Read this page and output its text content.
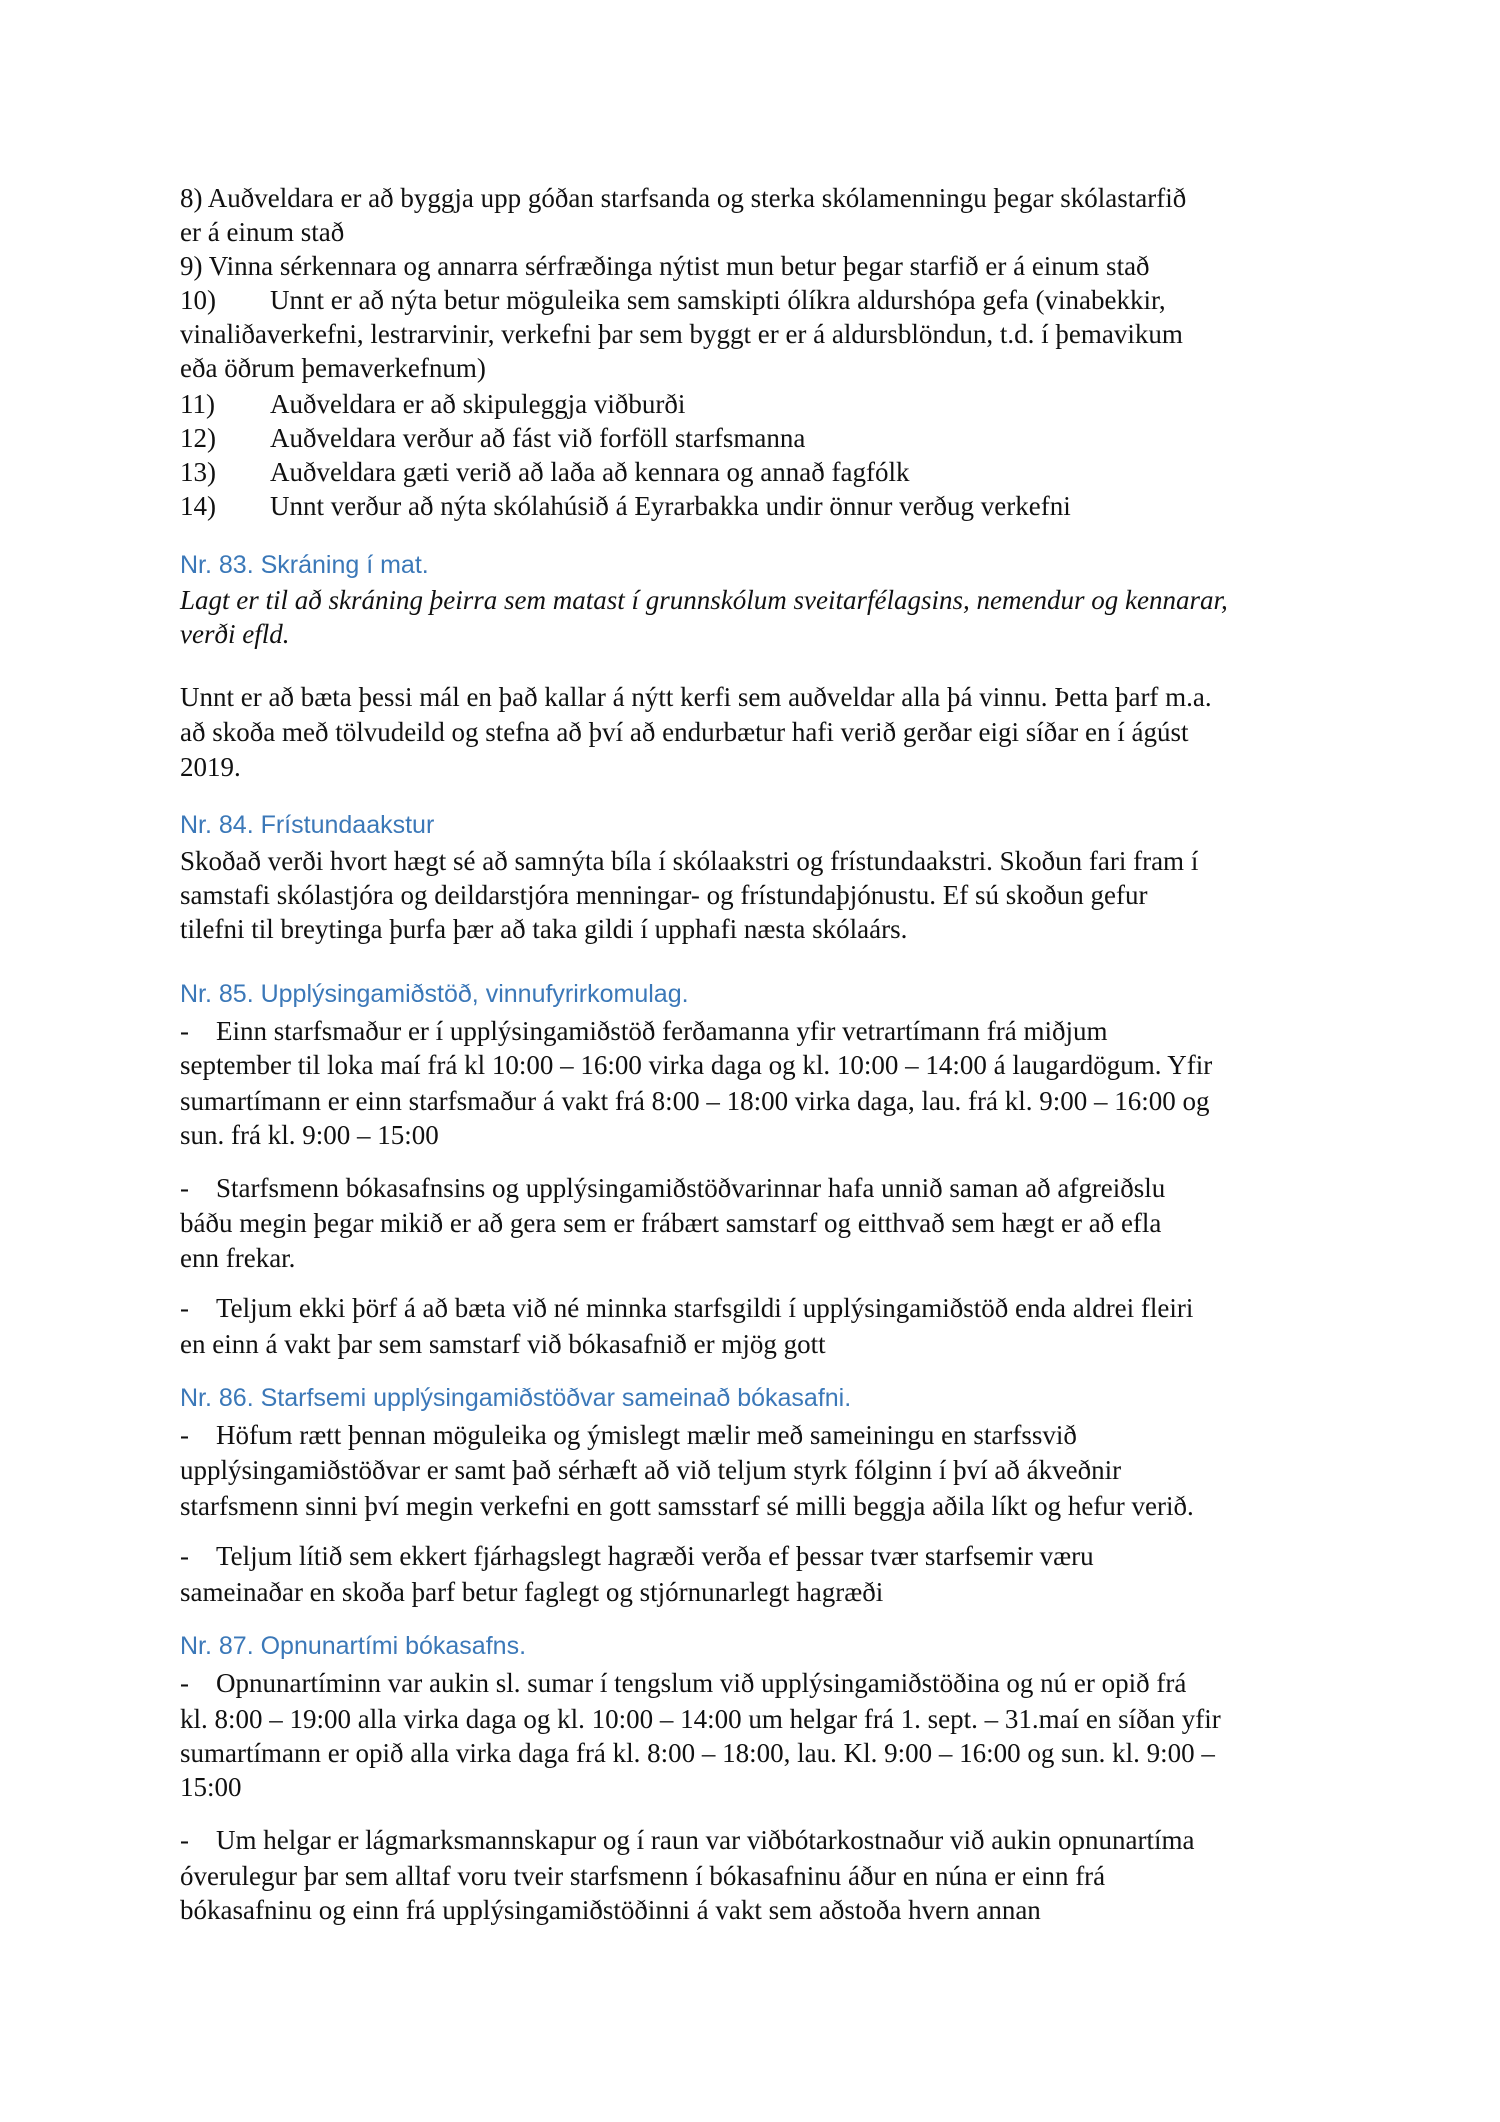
8) Auðveldara er að byggja upp góðan starfsanda og sterka skólamenningu þegar skólastarfið
er á einum stað
9) Vinna sérkennara og annarra sérfræðinga nýtist mun betur þegar starfið er á einum stað
10) Unnt er að nýta betur möguleika sem samskipti ólíkra aldurshópa gefa (vinabekkir,
vinaliðaverkefni, lestrarvinir, verkefni þar sem byggt er er á aldursblöndun, t.d. í þemavikum
eða öðrum þemaverkefnum)
11) Auðveldara er að skipuleggja viðburði
12) Auðveldara verður að fást við forföll starfsmanna
13) Auðveldara gæti verið að laða að kennara og annað fagfólk
14) Unnt verður að nýta skólahúsið á Eyrarbakka undir önnur verðug verkefni
Nr. 83. Skráning í mat.
Lagt er til að skráning þeirra sem matast í grunnskólum sveitarfélagsins, nemendur og kennarar,
verði efld.
Unnt er að bæta þessi mál en það kallar á nýtt kerfi sem auðveldar alla þá vinnu. Þetta þarf m.a.
að skoða með tölvudeild og stefna að því að endurbætur hafi verið gerðar eigi síðar en í ágúst
2019.
Nr. 84. Frístundaakstur
Skoðað verði hvort hægt sé að samnýta bíla í skólaakstri og frístundaakstri. Skoðun fari fram í
samstafi skólastjóra og deildarstjóra menningar- og frístundaþjónustu. Ef sú skoðun gefur
tilefni til breytinga þurfa þær að taka gildi í upphafi næsta skólaárs.
Nr. 85. Upplýsingamiðstöð, vinnufyrirkomulag.
- Einn starfsmaður er í upplýsingamiðstöð ferðamanna yfir vetrartímann frá miðjum
september til loka maí frá kl 10:00 – 16:00 virka daga og kl. 10:00 – 14:00 á laugardögum. Yfir
sumartímann er einn starfsmaður á vakt frá 8:00 – 18:00 virka daga, lau. frá kl. 9:00 – 16:00 og
sun. frá kl. 9:00 – 15:00
- Starfsmenn bókasafnsins og upplýsingamiðstöðvarinnar hafa unnið saman að afgreiðslu
báðu megin þegar mikið er að gera sem er frábært samstarf og eitthvað sem hægt er að efla
enn frekar.
- Teljum ekki þörf á að bæta við né minnka starfsgildi í upplýsingamiðstöð enda aldrei fleiri
en einn á vakt þar sem samstarf við bókasafnið er mjög gott
Nr. 86. Starfsemi upplýsingamiðstöðvar sameinað bókasafni.
- Höfum rætt þennan möguleika og ýmislegt mælir með sameiningu en starfssvið
upplýsingamiðstöðvar er samt það sérhæft að við teljum styrk fólginn í því að ákveðnir
starfsmenn sinni því megin verkefni en gott samsstarf sé milli beggja aðila líkt og hefur verið.
- Teljum lítið sem ekkert fjárhagslegt hagræði verða ef þessar tvær starfsemir væru
sameinaðar en skoða þarf betur faglegt og stjórnunarlegt hagræði
Nr. 87. Opnunartími bókasafns.
- Opnunartíminn var aukin sl. sumar í tengslum við upplýsingamiðstöðina og nú er opið frá
kl. 8:00 – 19:00 alla virka daga og kl. 10:00 – 14:00 um helgar frá 1. sept. – 31.maí en síðan yfir
sumartímann er opið alla virka daga frá kl. 8:00 – 18:00, lau. Kl. 9:00 – 16:00 og sun. kl. 9:00 –
15:00
- Um helgar er lágmarksmannskapur og í raun var viðbótarkostnaður við aukin opnunartíma
óverulegur þar sem alltaf voru tveir starfsmenn í bókasafninu áður en núna er einn frá
bókasafninu og einn frá upplýsingamiðstöðinni á vakt sem aðstoða hvern annan
